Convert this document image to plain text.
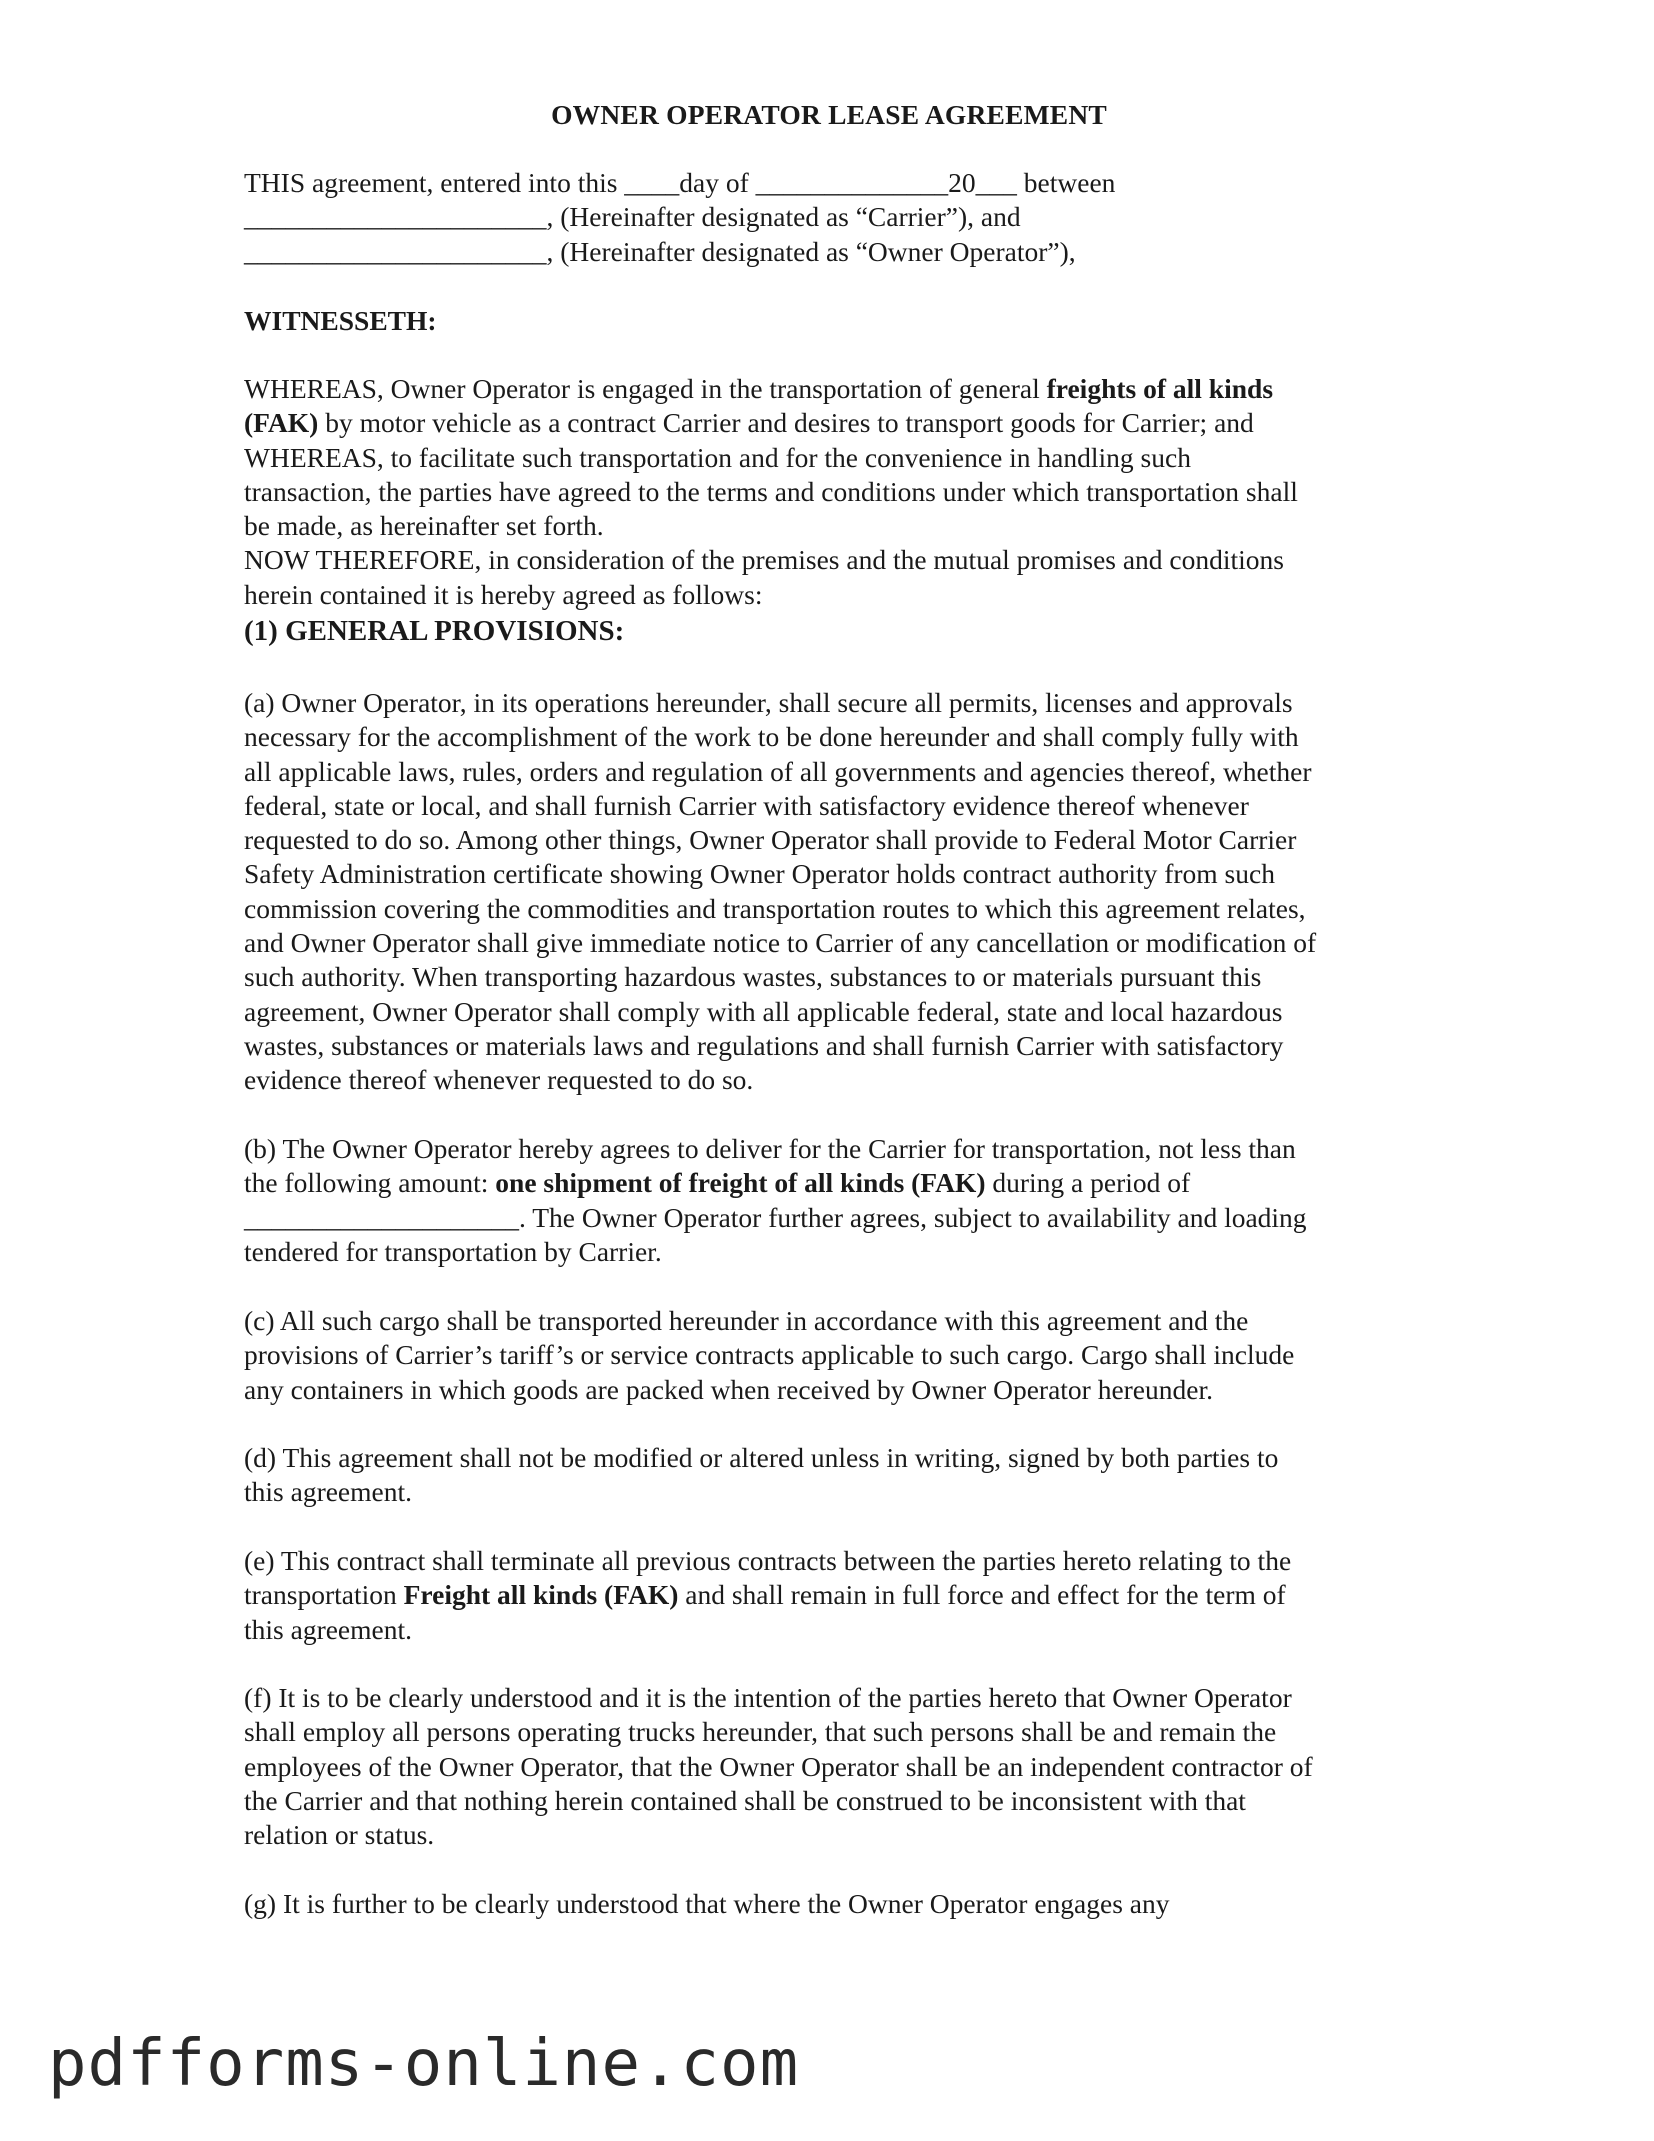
OWNER OPERATOR LEASE AGREEMENT
THIS agreement, entered into this ____day of ______________20___ between
______________________, (Hereinafter designated as “Carrier”), and
______________________, (Hereinafter designated as “Owner Operator”),
WITNESSETH:
WHEREAS, Owner Operator is engaged in the transportation of general freights of all kinds
(FAK) by motor vehicle as a contract Carrier and desires to transport goods for Carrier; and
WHEREAS, to facilitate such transportation and for the convenience in handling such
transaction, the parties have agreed to the terms and conditions under which transportation shall
be made, as hereinafter set forth.
NOW THEREFORE, in consideration of the premises and the mutual promises and conditions
herein contained it is hereby agreed as follows:
(1) GENERAL PROVISIONS:
(a) Owner Operator, in its operations hereunder, shall secure all permits, licenses and approvals
necessary for the accomplishment of the work to be done hereunder and shall comply fully with
all applicable laws, rules, orders and regulation of all governments and agencies thereof, whether
federal, state or local, and shall furnish Carrier with satisfactory evidence thereof whenever
requested to do so. Among other things, Owner Operator shall provide to Federal Motor Carrier
Safety Administration certificate showing Owner Operator holds contract authority from such
commission covering the commodities and transportation routes to which this agreement relates,
and Owner Operator shall give immediate notice to Carrier of any cancellation or modification of
such authority. When transporting hazardous wastes, substances to or materials pursuant this
agreement, Owner Operator shall comply with all applicable federal, state and local hazardous
wastes, substances or materials laws and regulations and shall furnish Carrier with satisfactory
evidence thereof whenever requested to do so.
(b) The Owner Operator hereby agrees to deliver for the Carrier for transportation, not less than
the following amount: one shipment of freight of all kinds (FAK) during a period of
____________________. The Owner Operator further agrees, subject to availability and loading
tendered for transportation by Carrier.
(c) All such cargo shall be transported hereunder in accordance with this agreement and the
provisions of Carrier’s tariff’s or service contracts applicable to such cargo. Cargo shall include
any containers in which goods are packed when received by Owner Operator hereunder.
(d) This agreement shall not be modified or altered unless in writing, signed by both parties to
this agreement.
(e) This contract shall terminate all previous contracts between the parties hereto relating to the
transportation Freight all kinds (FAK) and shall remain in full force and effect for the term of
this agreement.
(f) It is to be clearly understood and it is the intention of the parties hereto that Owner Operator
shall employ all persons operating trucks hereunder, that such persons shall be and remain the
employees of the Owner Operator, that the Owner Operator shall be an independent contractor of
the Carrier and that nothing herein contained shall be construed to be inconsistent with that
relation or status.
(g) It is further to be clearly understood that where the Owner Operator engages any
pdfforms-online.com
